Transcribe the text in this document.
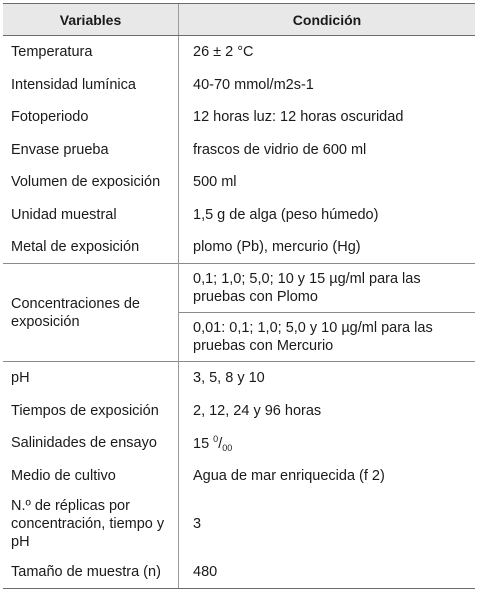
Variables	Condición
Temperatura	26 ± 2 °C
Intensidad lumínica	40-70 mmol/m2s-1
Fotoperiodo	12 horas luz: 12 horas oscuridad
Envase prueba	frascos de vidrio de 600 ml
Volumen de exposición	500 ml
Unidad muestral	1,5 g de alga (peso húmedo)
Metal de exposición	plomo (Pb), mercurio (Hg)
Concentraciones de exposición	0,1; 1,0; 5,0; 10 y 15 µg/ml para las pruebas con Plomo
	0,01: 0,1; 1,0; 5,0 y 10 µg/ml para las pruebas con Mercurio
pH	3, 5, 8 y 10
Tiempos de exposición	2, 12, 24 y 96 horas
Salinidades de ensayo	15 $^0/_{00}$
Medio de cultivo	Agua de mar enriquecida (f 2)
N.º de réplicas por concentración, tiempo y pH	3
Tamaño de muestra (n)	480
